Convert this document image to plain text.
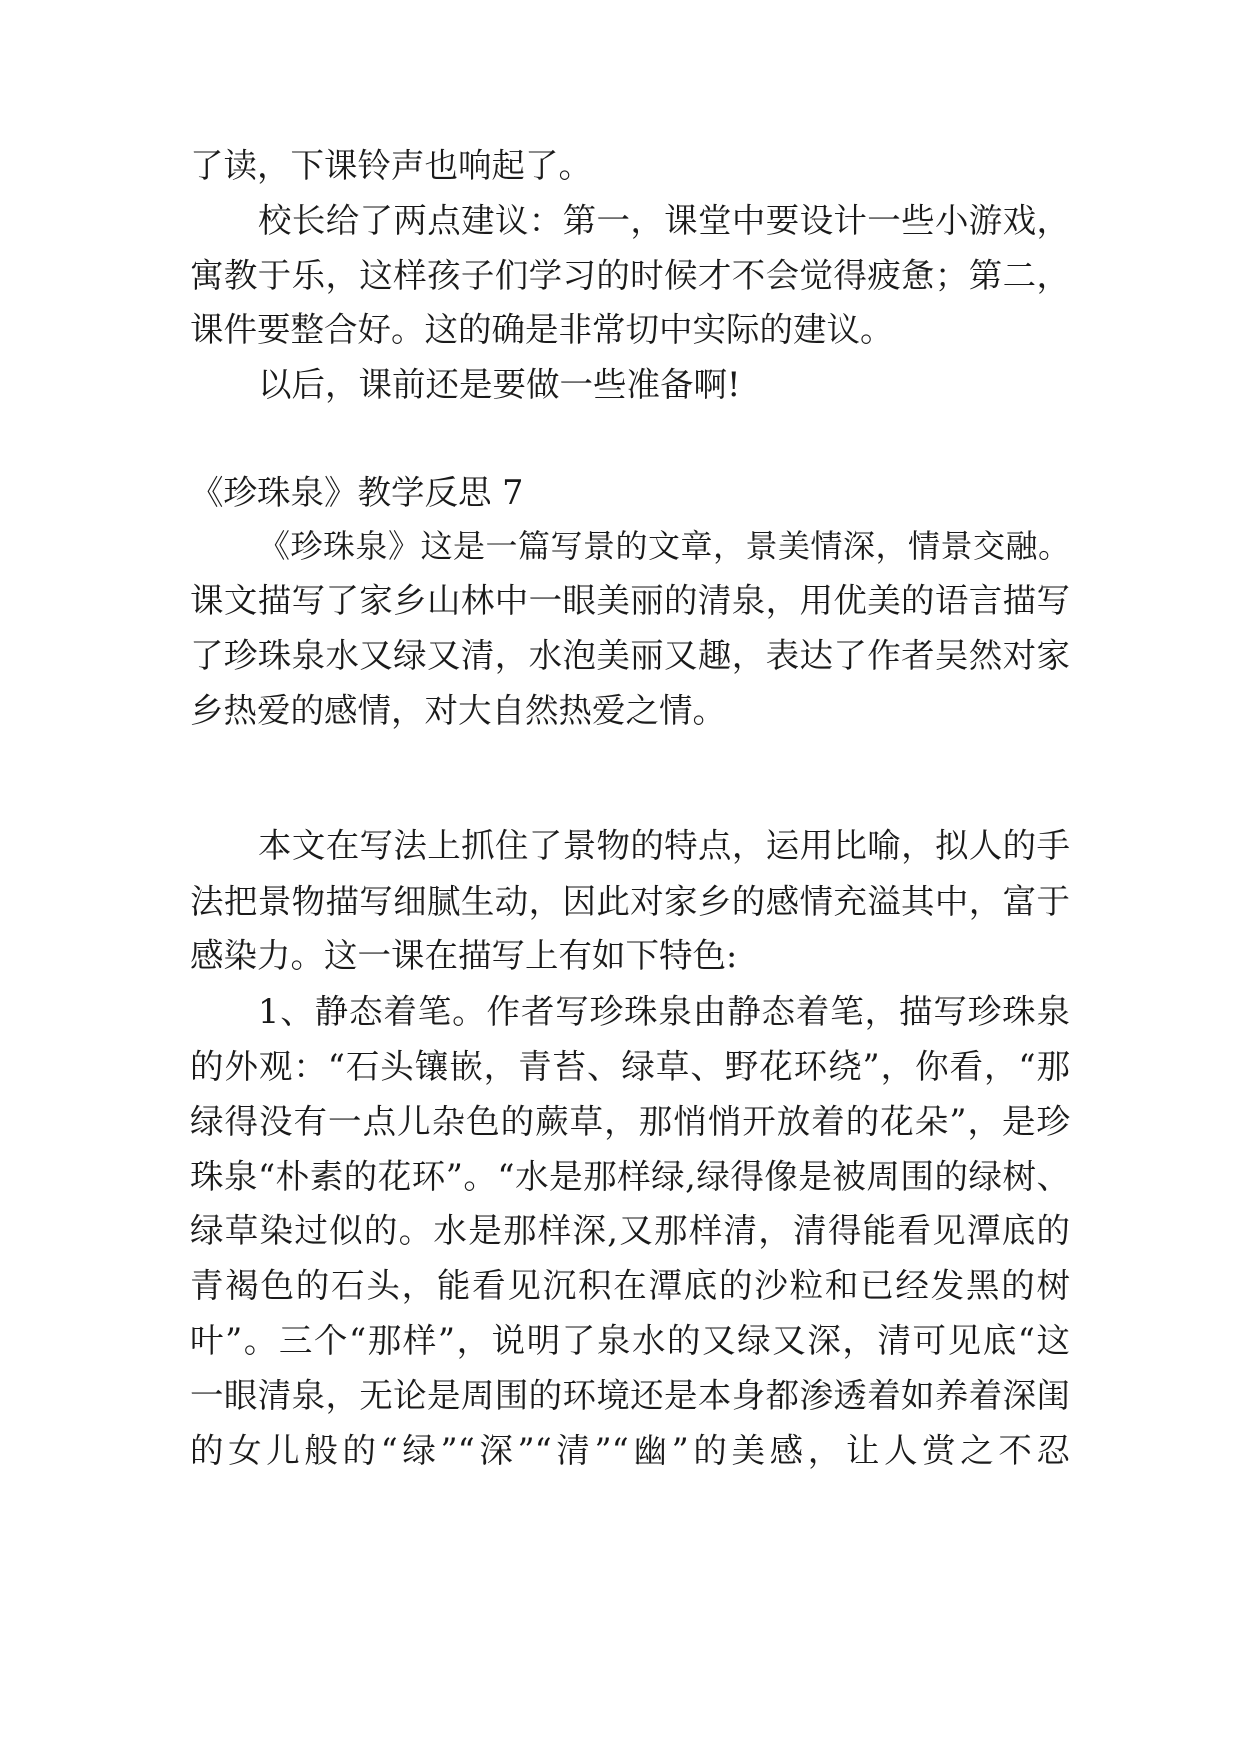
了读，下课铃声也响起了。
校长给了两点建议：第一，课堂中要设计一些小游戏，
寓教于乐，这样孩子们学习的时候才不会觉得疲惫；第二，
课件要整合好。这的确是非常切中实际的建议。
以后，课前还是要做一些准备啊!
《珍珠泉》教学反思 7
《珍珠泉》这是一篇写景的文章，景美情深，情景交融。
课文描写了家乡山林中一眼美丽的清泉，用优美的语言描写
了珍珠泉水又绿又清，水泡美丽又趣，表达了作者吴然对家
乡热爱的感情，对大自然热爱之情。
本文在写法上抓住了景物的特点，运用比喻，拟人的手
法把景物描写细腻生动，因此对家乡的感情充溢其中，富于
感染力。这一课在描写上有如下特色:
1、静态着笔。作者写珍珠泉由静态着笔，描写珍珠泉
的外观：“石头镶嵌，青苔、绿草、野花环绕”，你看，“那
绿得没有一点儿杂色的蕨草，那悄悄开放着的花朵”，是珍
珠泉“朴素的花环”。“水是那样绿,绿得像是被周围的绿树、
绿草染过似的。水是那样深,又那样清，清得能看见潭底的
青褐色的石头，能看见沉积在潭底的沙粒和已经发黑的树
叶”。三个“那样”，说明了泉水的又绿又深，清可见底“这
一眼清泉，无论是周围的环境还是本身都渗透着如养着深闺
的女儿般的“绿”“深”“清”“幽”的美感，让人赏之不忍
